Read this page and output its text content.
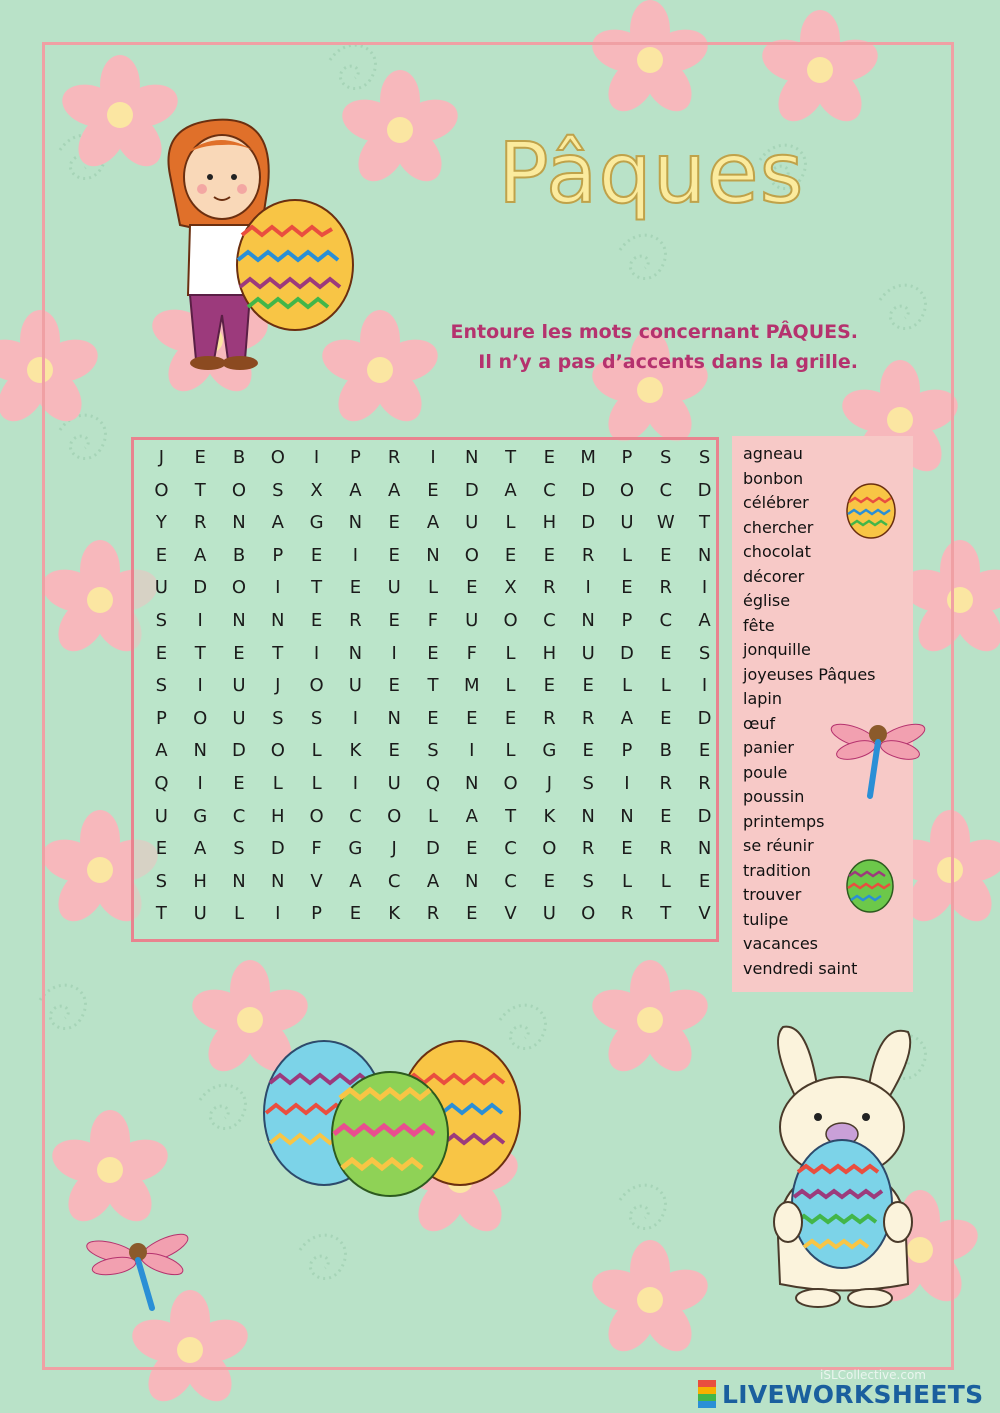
Pâques
Entoure les mots concernant PÂQUES.
Il n’y a pas d’accents dans la grille.
J	E	B	O	I	P	R	I	N	T	E	M	P	S	S
O	T	O	S	X	A	A	E	D	A	C	D	O	C	D
Y	R	N	A	G	N	E	A	U	L	H	D	U	W	T
E	A	B	P	E	I	E	N	O	E	E	R	L	E	N
U	D	O	I	T	E	U	L	E	X	R	I	E	R	I
S	I	N	N	E	R	E	F	U	O	C	N	P	C	A
E	T	E	T	I	N	I	E	F	L	H	U	D	E	S
S	I	U	J	O	U	E	T	M	L	E	E	L	L	I
P	O	U	S	S	I	N	E	E	E	R	R	A	E	D
A	N	D	O	L	K	E	S	I	L	G	E	P	B	E
Q	I	E	L	L	I	U	Q	N	O	J	S	I	R	R
U	G	C	H	O	C	O	L	A	T	K	N	N	E	D
E	A	S	D	F	G	J	D	E	C	O	R	E	R	N
S	H	N	N	V	A	C	A	N	C	E	S	L	L	E
T	U	L	I	P	E	K	R	E	V	U	O	R	T	V
agneau
bonbon
célébrer
chercher
chocolat
décorer
église
fête
jonquille
joyeuses Pâques
lapin
œuf
panier
poule
poussin
printemps
se réunir
tradition
trouver
tulipe
vacances
vendredi saint
iSLCollective.com
LIVEWORKSHEETS
